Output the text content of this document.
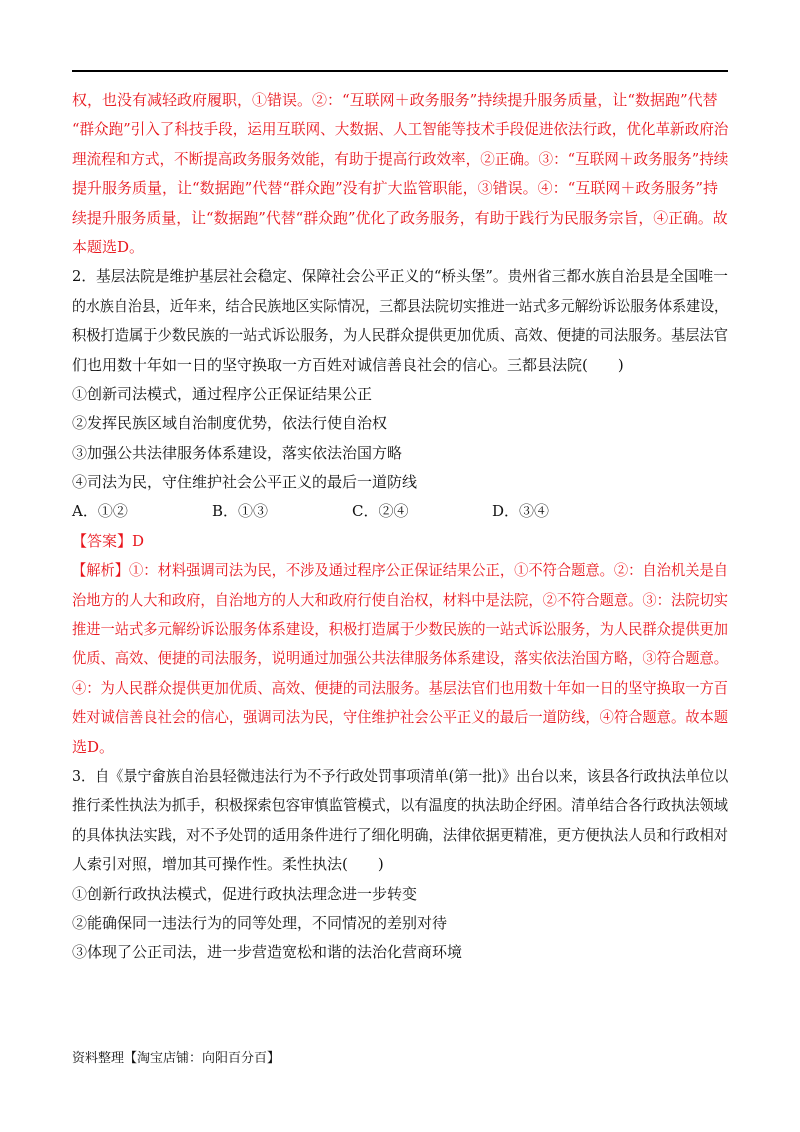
权，也没有减轻政府履职，①错误。②：“互联网＋政务服务”持续提升服务质量，让“数据跑”代替
“群众跑”引入了科技手段，运用互联网、大数据、人工智能等技术手段促进依法行政，优化革新政府治
理流程和方式，不断提高政务服务效能，有助于提高行政效率，②正确。③：“互联网＋政务服务”持续
提升服务质量，让“数据跑”代替“群众跑”没有扩大监管职能，③错误。④：“互联网＋政务服务”持
续提升服务质量，让“数据跑”代替“群众跑”优化了政务服务，有助于践行为民服务宗旨，④正确。故
本题选D。
2．基层法院是维护基层社会稳定、保障社会公平正义的“桥头堡”。贵州省三都水族自治县是全国唯一
的水族自治县，近年来，结合民族地区实际情况，三都县法院切实推进一站式多元解纷诉讼服务体系建设，
积极打造属于少数民族的一站式诉讼服务，为人民群众提供更加优质、高效、便捷的司法服务。基层法官
们也用数十年如一日的坚守换取一方百姓对诚信善良社会的信心。三都县法院(　　)
①创新司法模式，通过程序公正保证结果公正
②发挥民族区域自治制度优势，依法行使自治权
③加强公共法律服务体系建设，落实依法治国方略
④司法为民，守住维护社会公平正义的最后一道防线
A．①②	B．①③	C．②④	D．③④
【答案】D
【解析】①：材料强调司法为民，不涉及通过程序公正保证结果公正，①不符合题意。②：自治机关是自
治地方的人大和政府，自治地方的人大和政府行使自治权，材料中是法院，②不符合题意。③：法院切实
推进一站式多元解纷诉讼服务体系建设，积极打造属于少数民族的一站式诉讼服务，为人民群众提供更加
优质、高效、便捷的司法服务，说明通过加强公共法律服务体系建设，落实依法治国方略，③符合题意。
④：为人民群众提供更加优质、高效、便捷的司法服务。基层法官们也用数十年如一日的坚守换取一方百
姓对诚信善良社会的信心，强调司法为民，守住维护社会公平正义的最后一道防线，④符合题意。故本题
选D。
3．自《景宁畲族自治县轻微违法行为不予行政处罚事项清单(第一批)》出台以来，该县各行政执法单位以
推行柔性执法为抓手，积极探索包容审慎监管模式，以有温度的执法助企纾困。清单结合各行政执法领域
的具体执法实践，对不予处罚的适用条件进行了细化明确，法律依据更精准，更方便执法人员和行政相对
人索引对照，增加其可操作性。柔性执法(　　)
①创新行政执法模式，促进行政执法理念进一步转变
②能确保同一违法行为的同等处理，不同情况的差别对待
③体现了公正司法，进一步营造宽松和谐的法治化营商环境
资料整理【淘宝店铺：向阳百分百】
